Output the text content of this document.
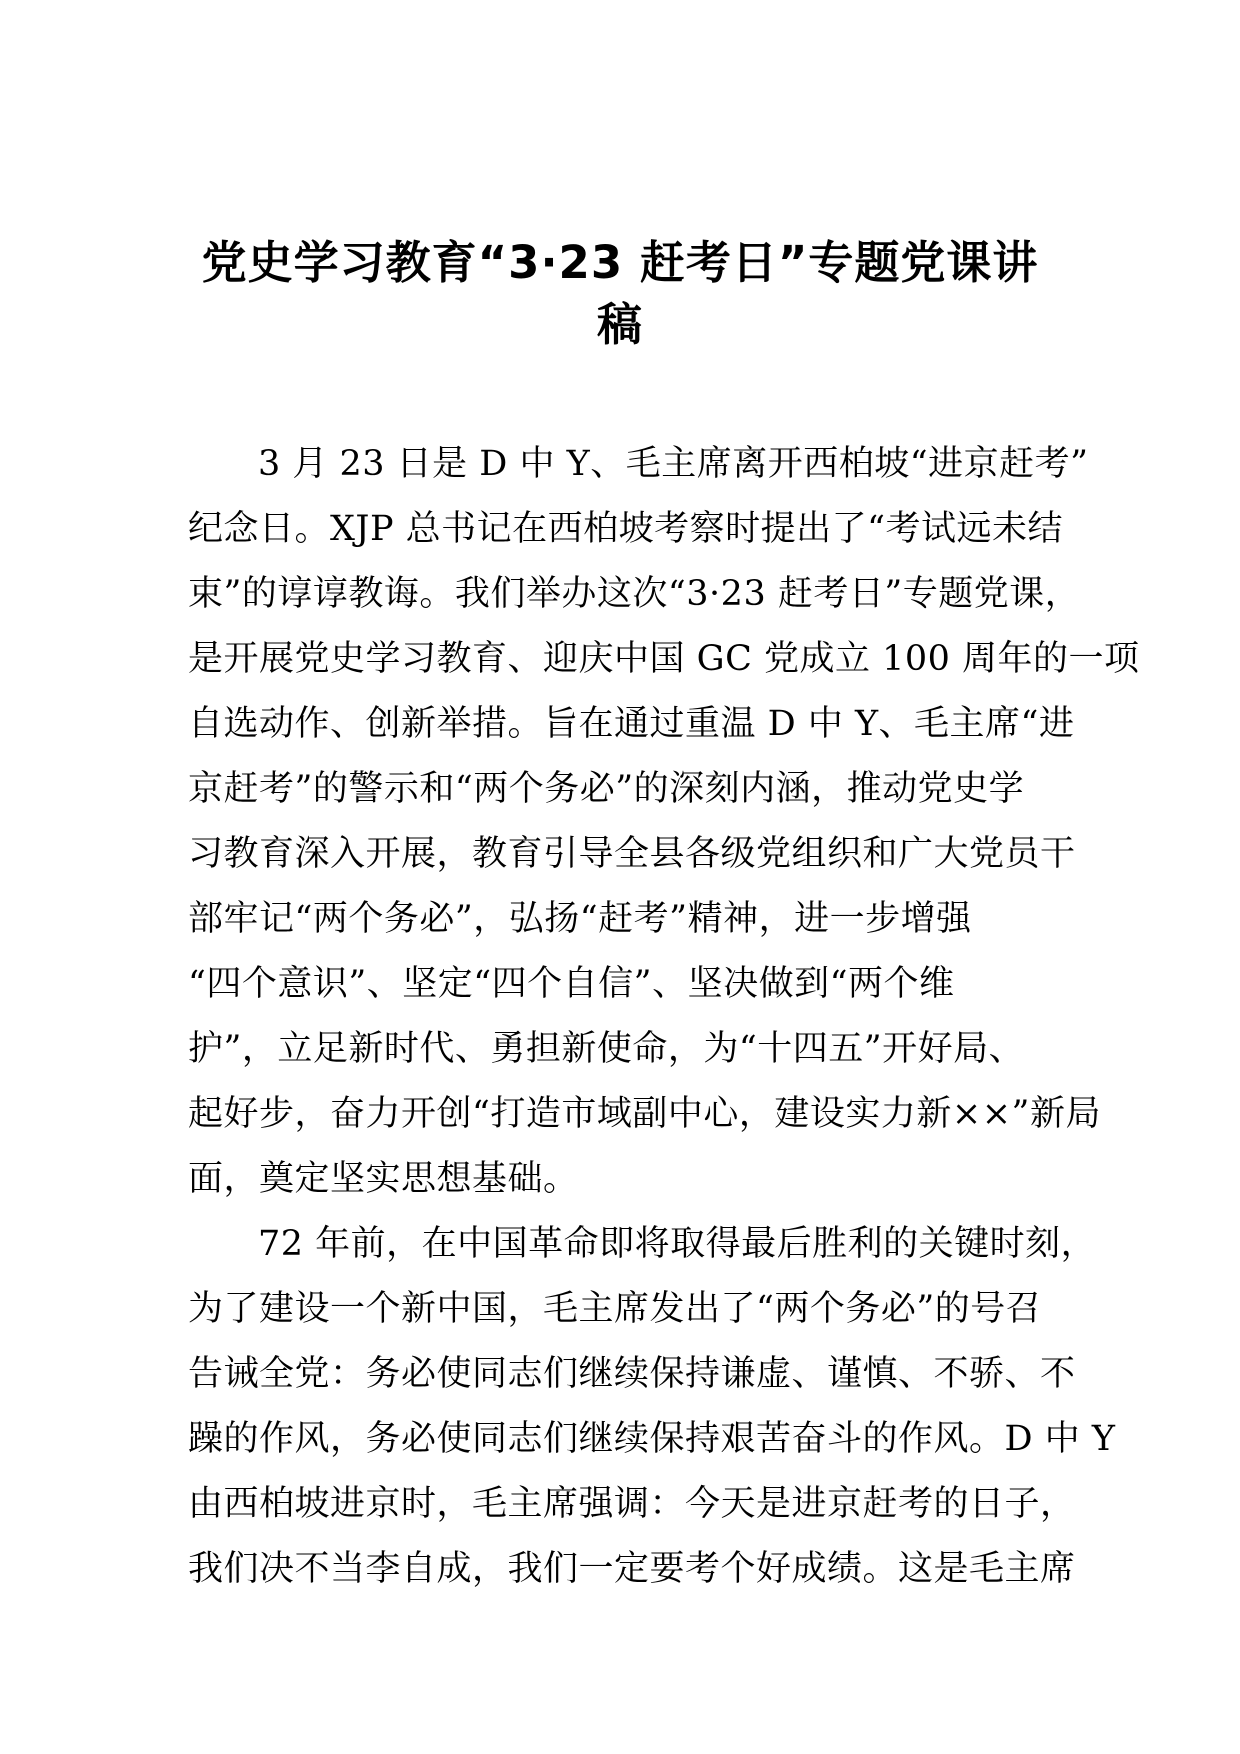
党史学习教育“3·23 赶考日”专题党课讲
稿
3 月 23 日是 D 中 Y、毛主席离开西柏坡“进京赶考”
纪念日。XJP 总书记在西柏坡考察时提出了“考试远未结
束”的谆谆教诲。我们举办这次“3·23 赶考日”专题党课，
是开展党史学习教育、迎庆中国 GC 党成立 100 周年的一项
自选动作、创新举措。旨在通过重温 D 中 Y、毛主席“进
京赶考”的警示和“两个务必”的深刻内涵，推动党史学
习教育深入开展，教育引导全县各级党组织和广大党员干
部牢记“两个务必”，弘扬“赶考”精神，进一步增强
“四个意识”、坚定“四个自信”、坚决做到“两个维
护”，立足新时代、勇担新使命，为“十四五”开好局、
起好步，奋力开创“打造市域副中心，建设实力新××”新局
面，奠定坚实思想基础。
72 年前，在中国革命即将取得最后胜利的关键时刻，
为了建设一个新中国，毛主席发出了“两个务必”的号召
告诫全党：务必使同志们继续保持谦虚、谨慎、不骄、不
躁的作风，务必使同志们继续保持艰苦奋斗的作风。D 中 Y
由西柏坡进京时，毛主席强调：今天是进京赶考的日子，
我们决不当李自成，我们一定要考个好成绩。这是毛主席
